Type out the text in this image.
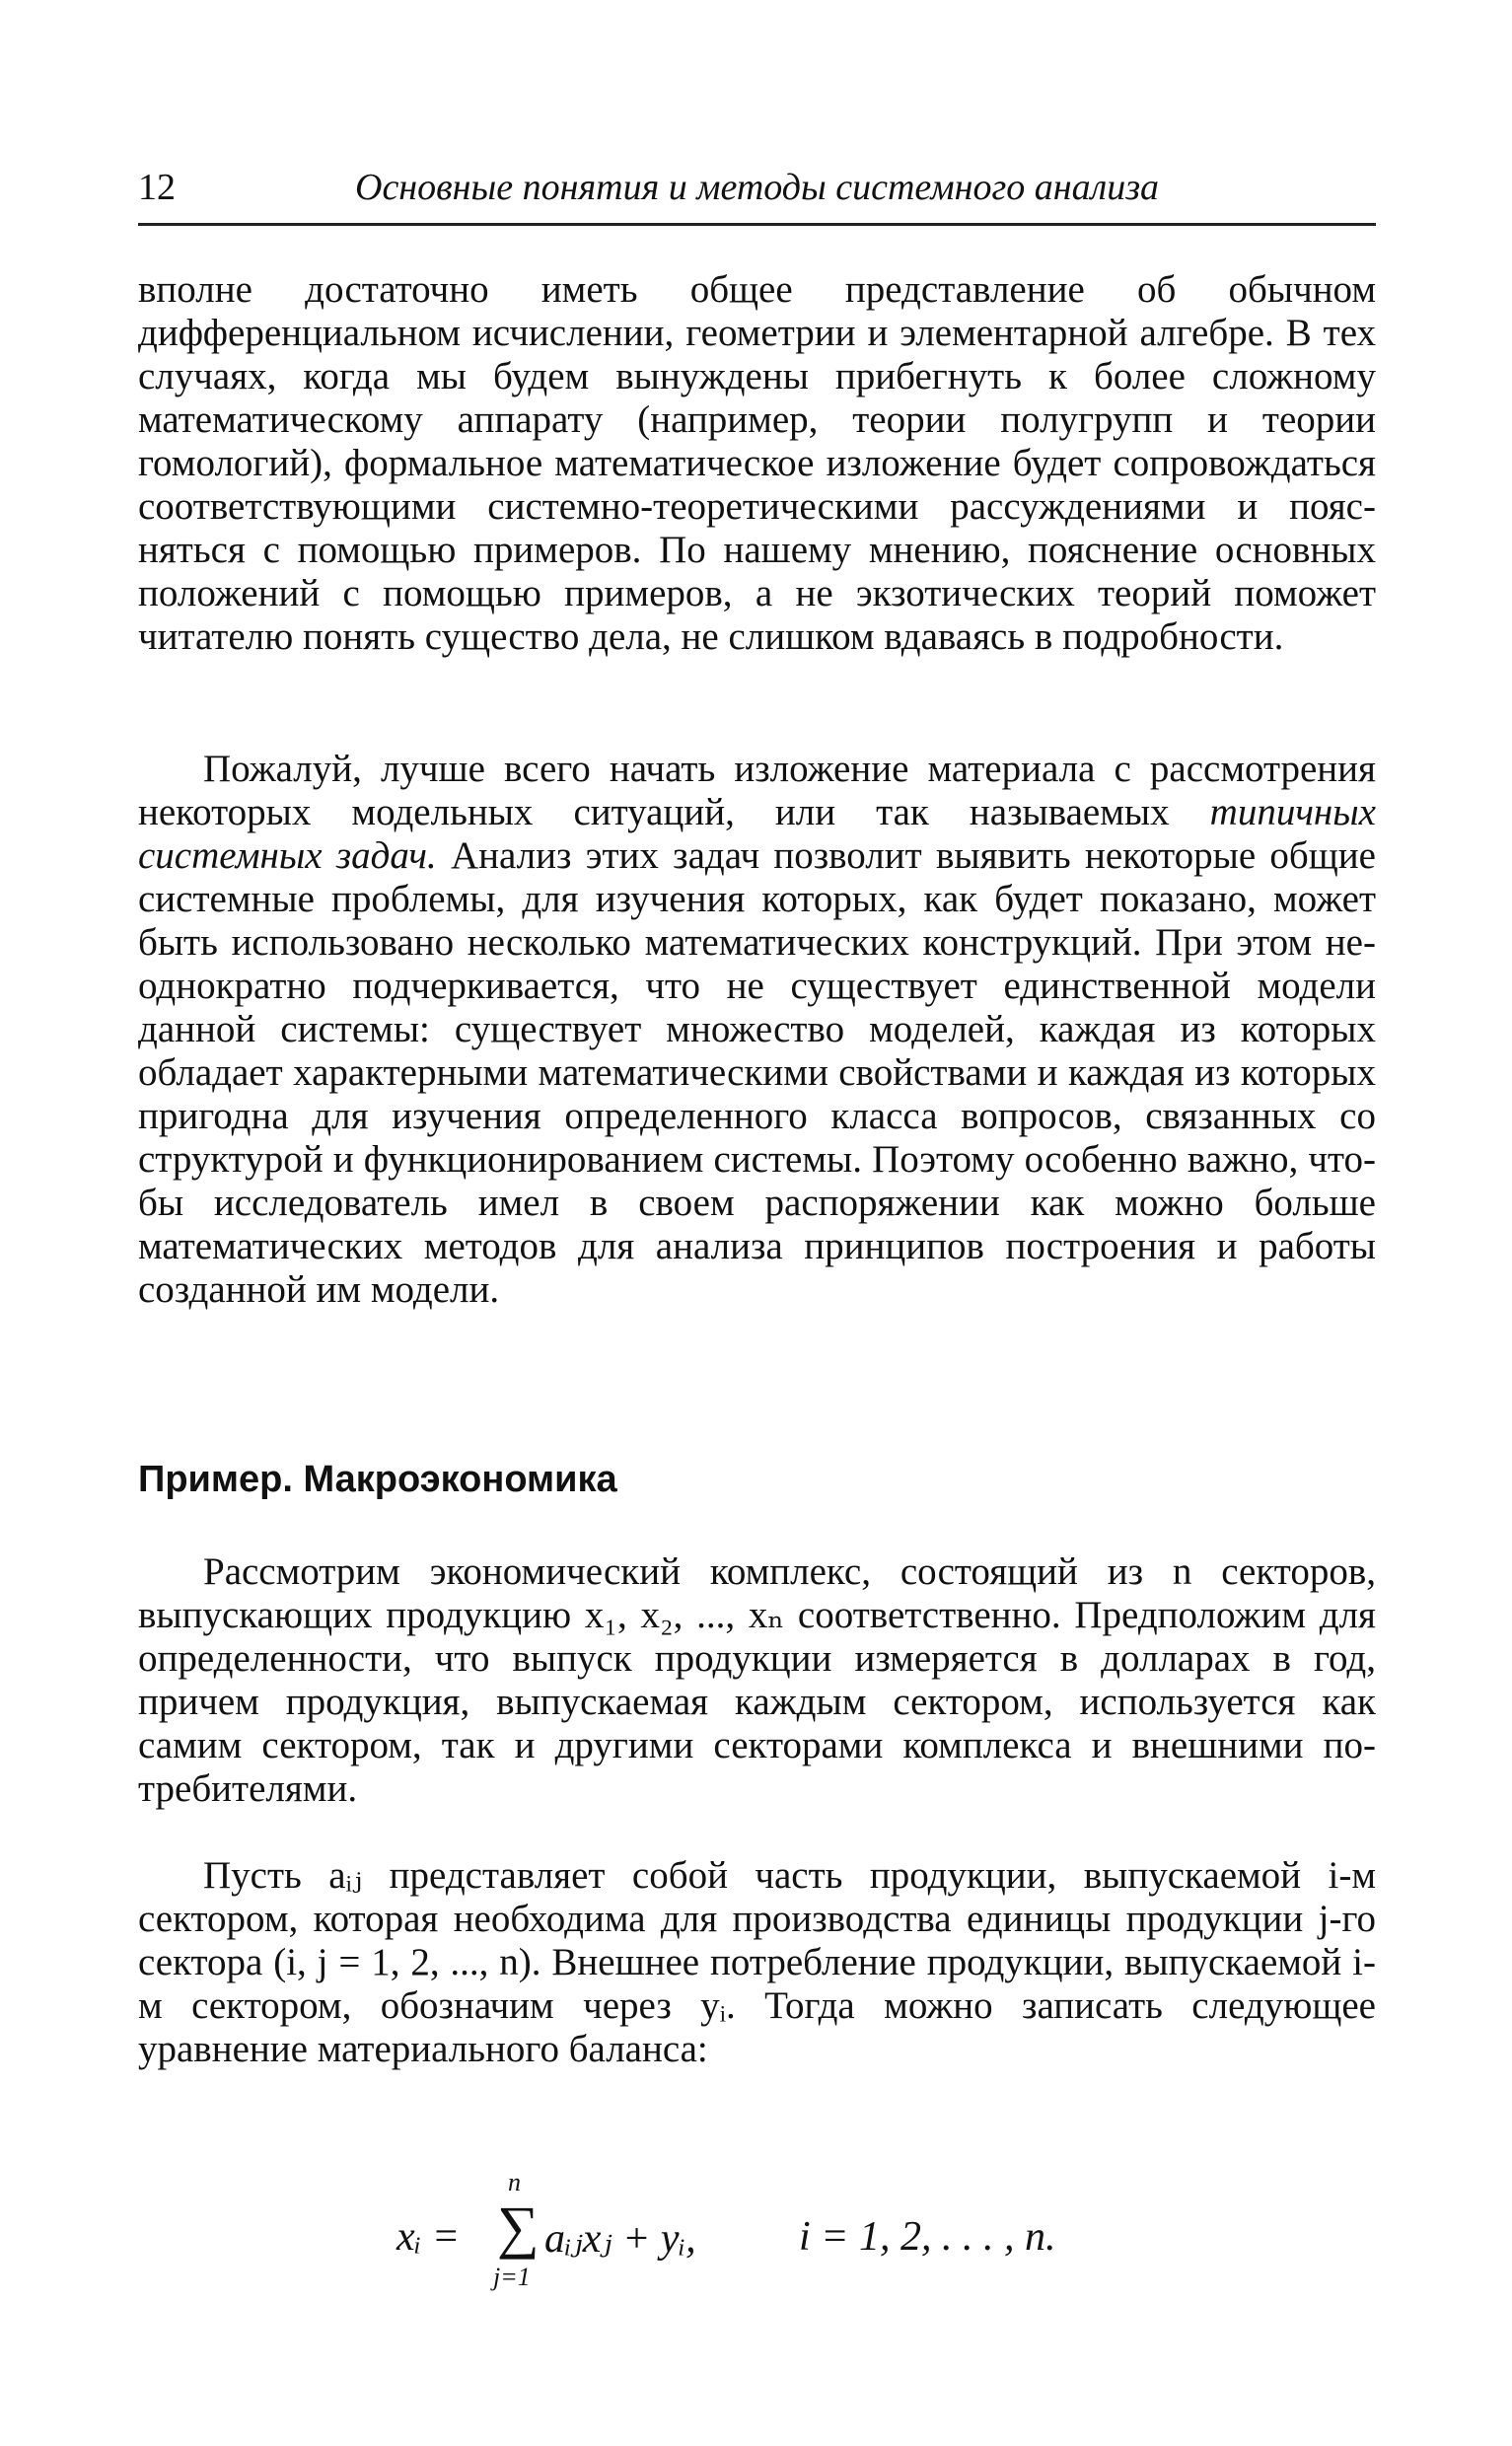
12	Основные понятия и методы системного анализа

вполне достаточно иметь общее представление об обычном дифференциальном исчислении, геометрии и элементарной алгебре. В тех случаях, когда мы будем вынуждены прибегнуть к более сложному математическому аппарату (например, теории полугрупп и теории гомологий), формальное математическое изложение будет сопровождаться соответствующими системно-теоретическими рассуждениями и поясняться с помощью примеров. По нашему мнению, пояснение основных положений с помощью примеров, а не экзотических теорий поможет читателю понять существо дела, не слишком вдаваясь в подробности.

Пожалуй, лучше всего начать изложение материала с рассмотрения некоторых модельных ситуаций, или так называемых типичных системных задач. Анализ этих задач позволит выявить некоторые общие системные проблемы, для изучения которых, как будет показано, может быть использовано несколько математических конструкций. При этом неоднократно подчеркивается, что не существует единственной модели данной системы: существует множество моделей, каждая из которых обладает характерными математическими свойствами и каждая из которых пригодна для изучения определенного класса вопросов, связанных со структурой и функционированием системы. Поэтому особенно важно, чтобы исследователь имел в своем распоряжении как можно больше математических методов для анализа принципов построения и работы созданной им модели.

Пример. Макроэкономика

Рассмотрим экономический комплекс, состоящий из n секторов, выпускающих продукцию x₁, x₂, ..., xₙ соответственно. Предположим для определенности, что выпуск продукции измеряется в долларах в год, причем продукция, выпускаемая каждым сектором, используется как самим сектором, так и другими секторами комплекса и внешними потребителями.

Пусть aᵢⱼ представляет собой часть продукции, выпускаемой i-м сектором, которая необходима для производства единицы продукции j-го сектора (i, j = 1, 2, ..., n). Внешнее потребление продукции, выпускаемой i-м сектором, обозначим через yᵢ. Тогда можно записать следующее уравнение материального баланса:

xᵢ =
n
∑
j=1
aᵢⱼxⱼ + yᵢ, i = 1, 2, . . . , n.
